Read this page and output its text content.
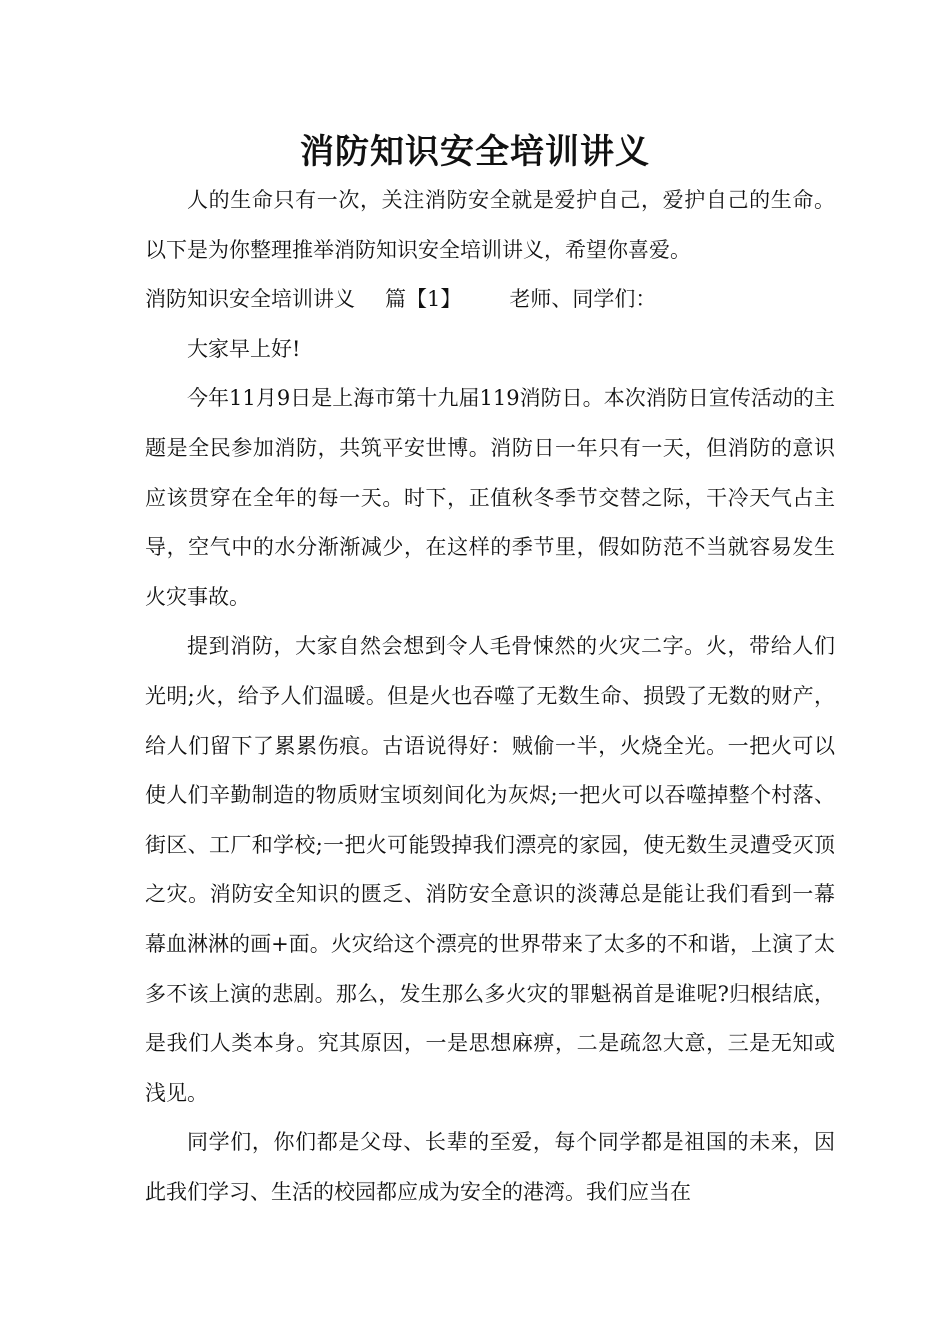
消防知识安全培训讲义

人的生命只有一次，关注消防安全就是爱护自己，爱护自己的生命。以下是为你整理推举消防知识安全培训讲义，希望你喜爱。

消防知识安全培训讲义 篇【1】 老师、同学们：

大家早上好!

今年11月9日是上海市第十九届119消防日。本次消防日宣传活动的主题是全民参加消防，共筑平安世博。消防日一年只有一天，但消防的意识应该贯穿在全年的每一天。时下，正值秋冬季节交替之际，干冷天气占主导，空气中的水分渐渐减少，在这样的季节里，假如防范不当就容易发生火灾事故。

提到消防，大家自然会想到令人毛骨悚然的火灾二字。火，带给人们光明;火，给予人们温暖。但是火也吞噬了无数生命、损毁了无数的财产，给人们留下了累累伤痕。古语说得好：贼偷一半，火烧全光。一把火可以使人们辛勤制造的物质财宝顷刻间化为灰烬;一把火可以吞噬掉整个村落、街区、工厂和学校;一把火可能毁掉我们漂亮的家园，使无数生灵遭受灭顶之灾。消防安全知识的匮乏、消防安全意识的淡薄总是能让我们看到一幕幕血淋淋的画+面。火灾给这个漂亮的世界带来了太多的不和谐，上演了太多不该上演的悲剧。那么，发生那么多火灾的罪魁祸首是谁呢?归根结底，是我们人类本身。究其原因，一是思想麻痹，二是疏忽大意，三是无知或浅见。

同学们，你们都是父母、长辈的至爱，每个同学都是祖国的未来，因此我们学习、生活的校园都应成为安全的港湾。我们应当在
